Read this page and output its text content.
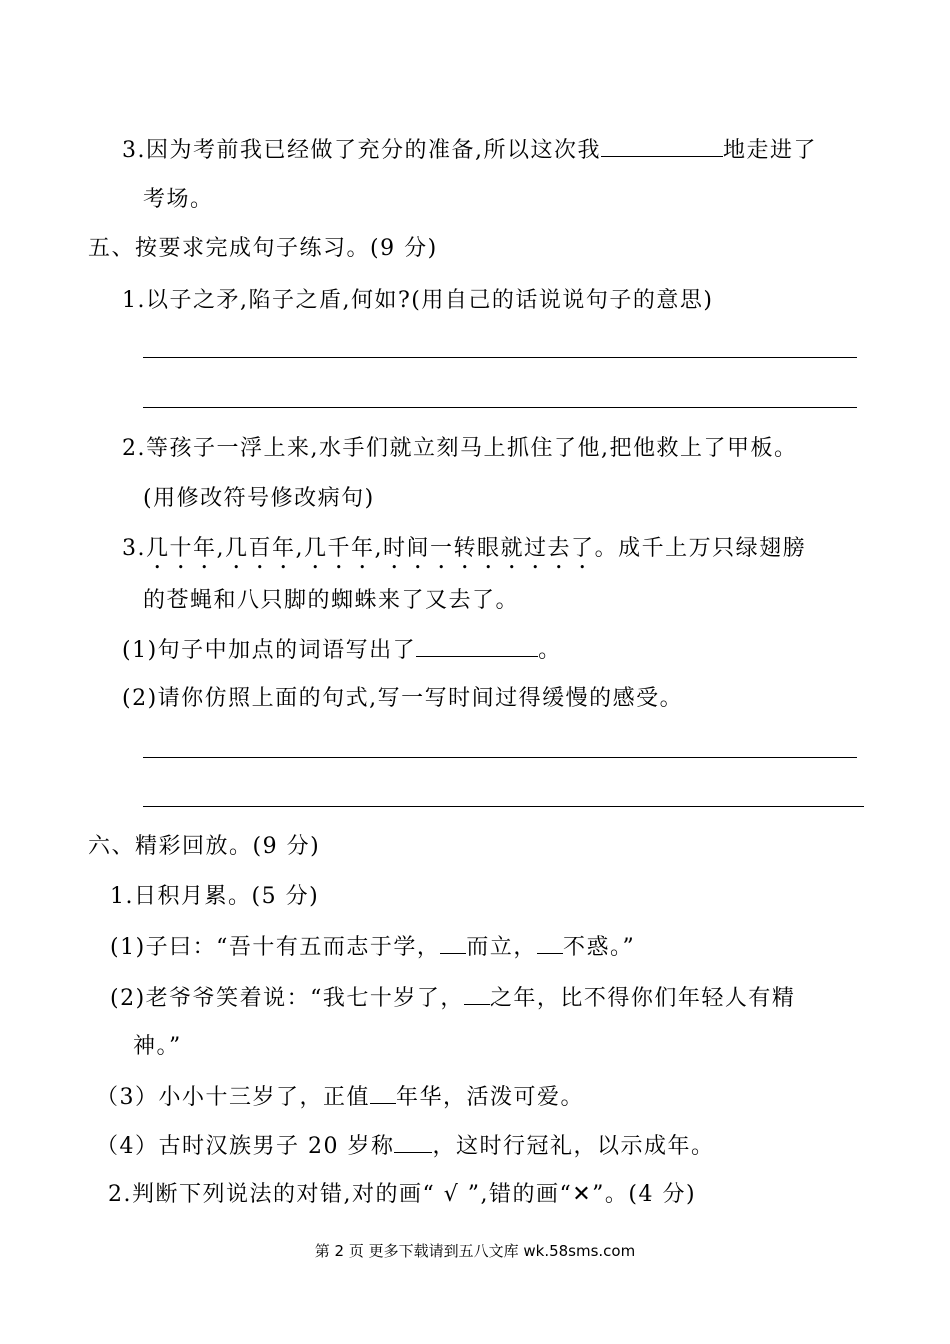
3.因为考前我已经做了充分的准备,所以这次我	地走进了
考场。
五、按要求完成句子练习。(9 分)
1.以子之矛,陷子之盾,何如?(用自己的话说说句子的意思)
2.等孩子一浮上来,水手们就立刻马上抓住了他,把他救上了甲板。
(用修改符号修改病句)
3.几十年,几百年,几千年,时间一转眼就过去了。成千上万只绿翅膀
的苍蝇和八只脚的蜘蛛来了又去了。
(1)句子中加点的词语写出了	。
(2)请你仿照上面的句式,写一写时间过得缓慢的感受。
六、精彩回放。(9 分)
1.日积月累。(5 分)
(1)子曰：“吾十有五而志于学， 而立， 不惑。”
(2)老爷爷笑着说：“我七十岁了， 之年，比不得你们年轻人有精
神。”
（3）小小十三岁了，正值 年华，活泼可爱。
（4）古时汉族男子 20 岁称 ，这时行冠礼，以示成年。
2.判断下列说法的对错,对的画“ √ ”,错的画“✕”。(4 分)
第 2 页 更多下载请到五八文库 wk.58sms.com
